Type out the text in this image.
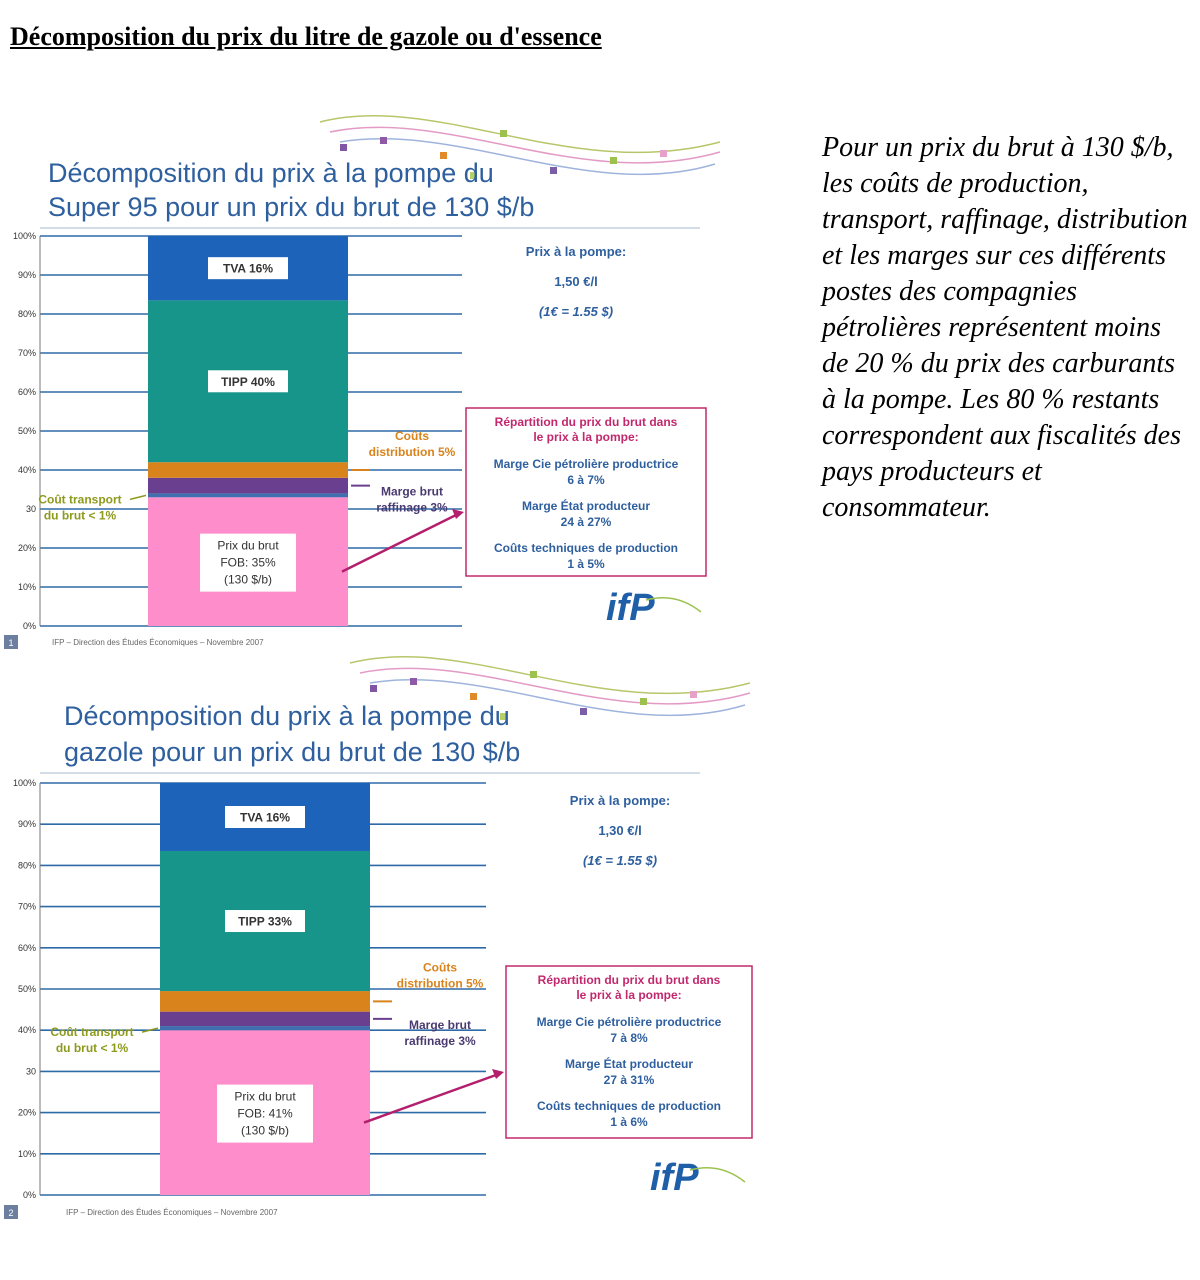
Décomposition du prix du litre de gazole ou d'essence
Décomposition du prix à la pompe du
Super 95 pour un prix du brut de 130 $/b
0%
10%
20%
30
40%
50%
60%
70%
80%
90%
100%
TVA 16%
TIPP 40%
Prix du brut
FOB: 35%
(130 $/b)
Coûts
distribution 5%
Marge brut
raffinage 3%
Coût transport
du brut < 1%
Prix à la pompe:
1,50 €/l
(1€ = 1.55 $)
Répartition du prix du brut dans
le prix à la pompe:
Marge Cie pétrolière productrice
6 à 7%
Marge État producteur
24 à 27%
Coûts techniques de production
1 à 5%
ifP
IFP – Direction des Études Économiques – Novembre 2007
1
Décomposition du prix à la pompe du
gazole pour un prix du brut de 130 $/b
0%
10%
20%
30
40%
50%
60%
70%
80%
90%
100%
TVA 16%
TIPP 33%
Prix du brut
FOB: 41%
(130 $/b)
Coûts
distribution 5%
Marge brut
raffinage 3%
Coût transport
du brut < 1%
Prix à la pompe:
1,30 €/l
(1€ = 1.55 $)
Répartition du prix du brut dans
le prix à la pompe:
Marge Cie pétrolière productrice
7 à 8%
Marge État producteur
27 à 31%
Coûts techniques de production
1 à 6%
ifP
IFP – Direction des Études Économiques – Novembre 2007
2

Pour un prix du brut à 130 $/b, les coûts de production, transport, raffinage, distribution et les marges sur ces différents postes des compagnies pétrolières représentent moins de 20 % du prix des carburants à la pompe. Les 80 % restants correspondent aux fiscalités des pays producteurs et consommateur.
